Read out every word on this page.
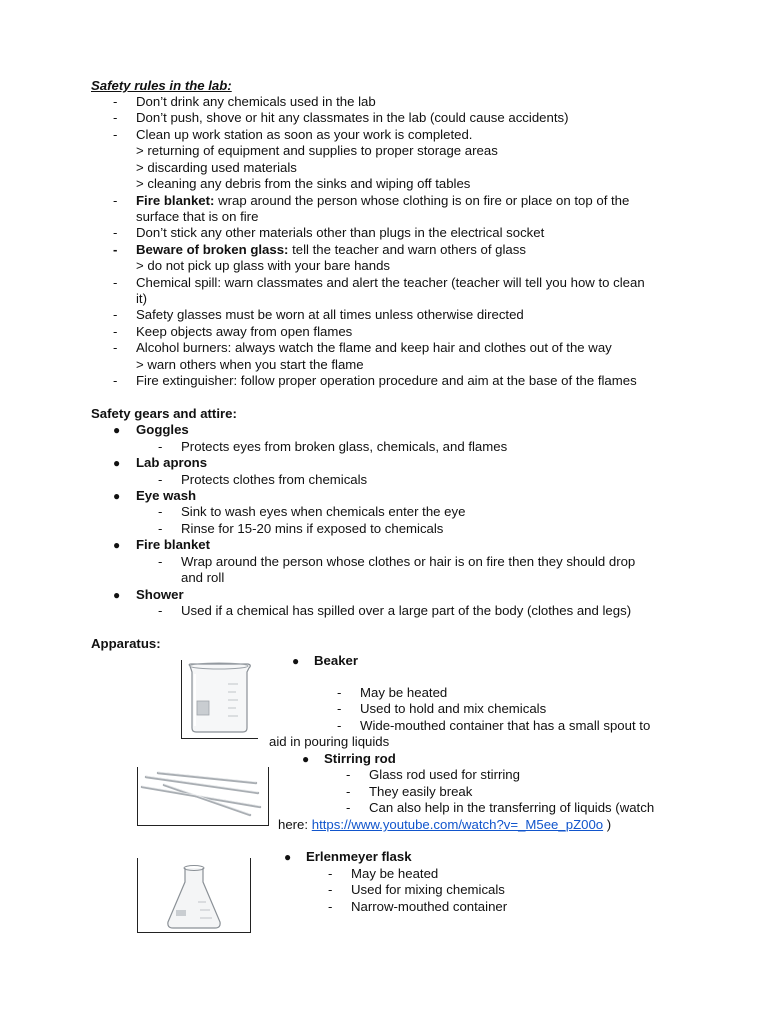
Safety rules in the lab:
- Don’t drink any chemicals used in the lab
- Don’t push, shove or hit any classmates in the lab (could cause accidents)
- Clean up work station as soon as your work is completed.
> returning of equipment and supplies to proper storage areas
> discarding used materials
> cleaning any debris from the sinks and wiping off tables
- Fire blanket: wrap around the person whose clothing is on fire or place on top of the
surface that is on fire
- Don’t stick any other materials other than plugs in the electrical socket
- Beware of broken glass: tell the teacher and warn others of glass
> do not pick up glass with your bare hands
- Chemical spill: warn classmates and alert the teacher (teacher will tell you how to clean
it)
- Safety glasses must be worn at all times unless otherwise directed
- Keep objects away from open flames
- Alcohol burners: always watch the flame and keep hair and clothes out of the way
> warn others when you start the flame
- Fire extinguisher: follow proper operation procedure and aim at the base of the flames
Safety gears and attire:
● Goggles
- Protects eyes from broken glass, chemicals, and flames
● Lab aprons
- Protects clothes from chemicals
● Eye wash
- Sink to wash eyes when chemicals enter the eye
- Rinse for 15-20 mins if exposed to chemicals
● Fire blanket
- Wrap around the person whose clothes or hair is on fire then they should drop
and roll
● Shower
- Used if a chemical has spilled over a large part of the body (clothes and legs)
Apparatus:
● Beaker
- May be heated
- Used to hold and mix chemicals
- Wide-mouthed container that has a small spout to
aid in pouring liquids
● Stirring rod
- Glass rod used for stirring
- They easily break
- Can also help in the transferring of liquids (watch
here: https://www.youtube.com/watch?v=_M5ee_pZ00o )
● Erlenmeyer flask
- May be heated
- Used for mixing chemicals
- Narrow-mouthed container
